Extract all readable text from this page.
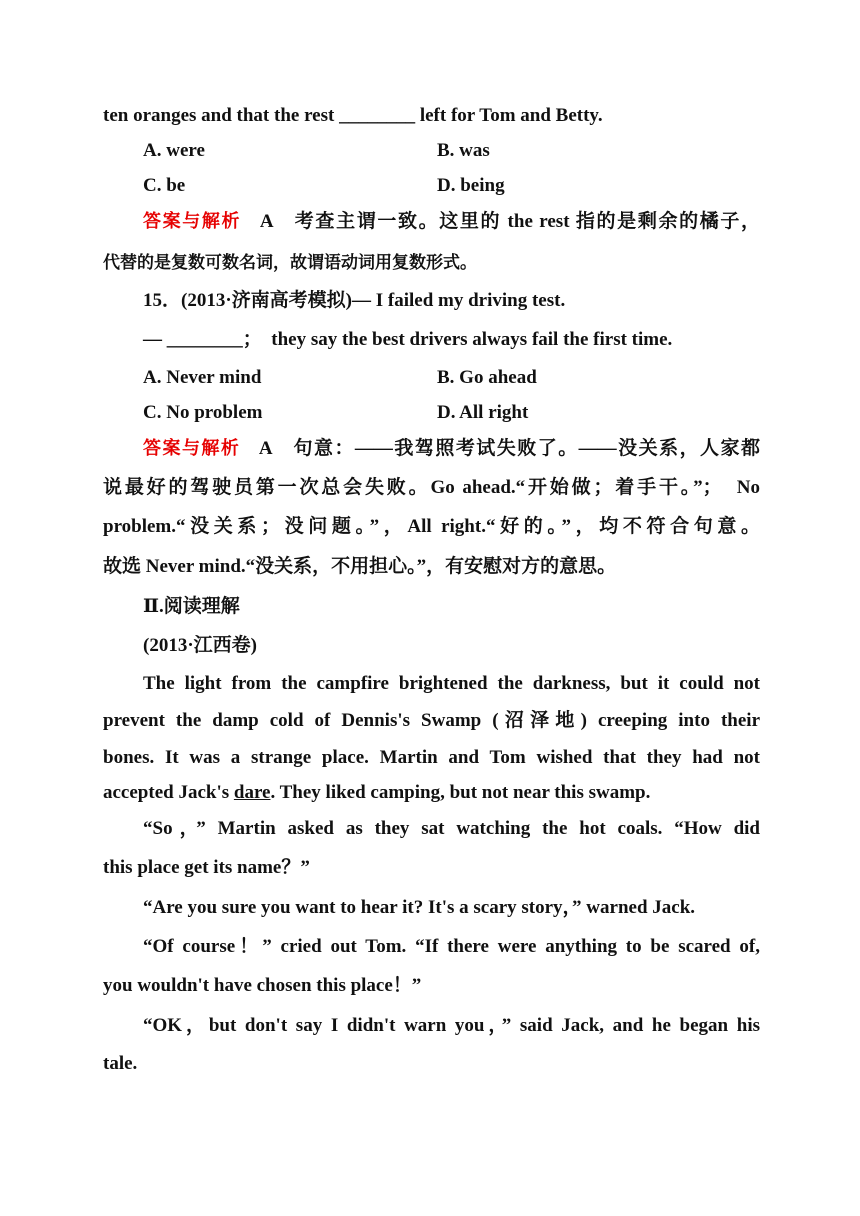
ten oranges and that the rest ________ left for Tom and Betty.
A. were	B. was
C. be	D. being
答案与解析　 A　考查主谓一致。这里的 the rest 指的是剩余的橘子，
代替的是复数可数名词，故谓语动词用复数形式。
15．(2013·济南高考模拟)— I failed my driving test.
— ________；　they say the best drivers always fail the first time.
A. Never mind	B. Go ahead
C. No problem	D. All right
答案与解析　 A　句意：——我驾照考试失败了。——没关系，人家都
说最好的驾驶员第一次总会失败。Go ahead.“开始做；着手干。”；　No
problem.“没关系；没问题。”，All right.“好的。”，均不符合句意。
故选 Never mind.“没关系，不用担心。”，有安慰对方的意思。
Ⅱ.阅读理解
(2013·江西卷)
The light from the campfire brightened the darkness, but it could not
prevent the damp cold of Dennis's Swamp (沼泽地) creeping into their
bones. It was a strange place. Martin and Tom wished that they had not
accepted Jack's dare. They liked camping, but not near this swamp.
“So，” Martin asked as they sat watching the hot coals. “How did
this place get its name？”
“Are you sure you want to hear it? It's a scary story，” warned Jack.
“Of course！” cried out Tom. “If there were anything to be scared of,
you wouldn't have chosen this place！”
“OK，but don't say I didn't warn you，” said Jack, and he began his
tale.
